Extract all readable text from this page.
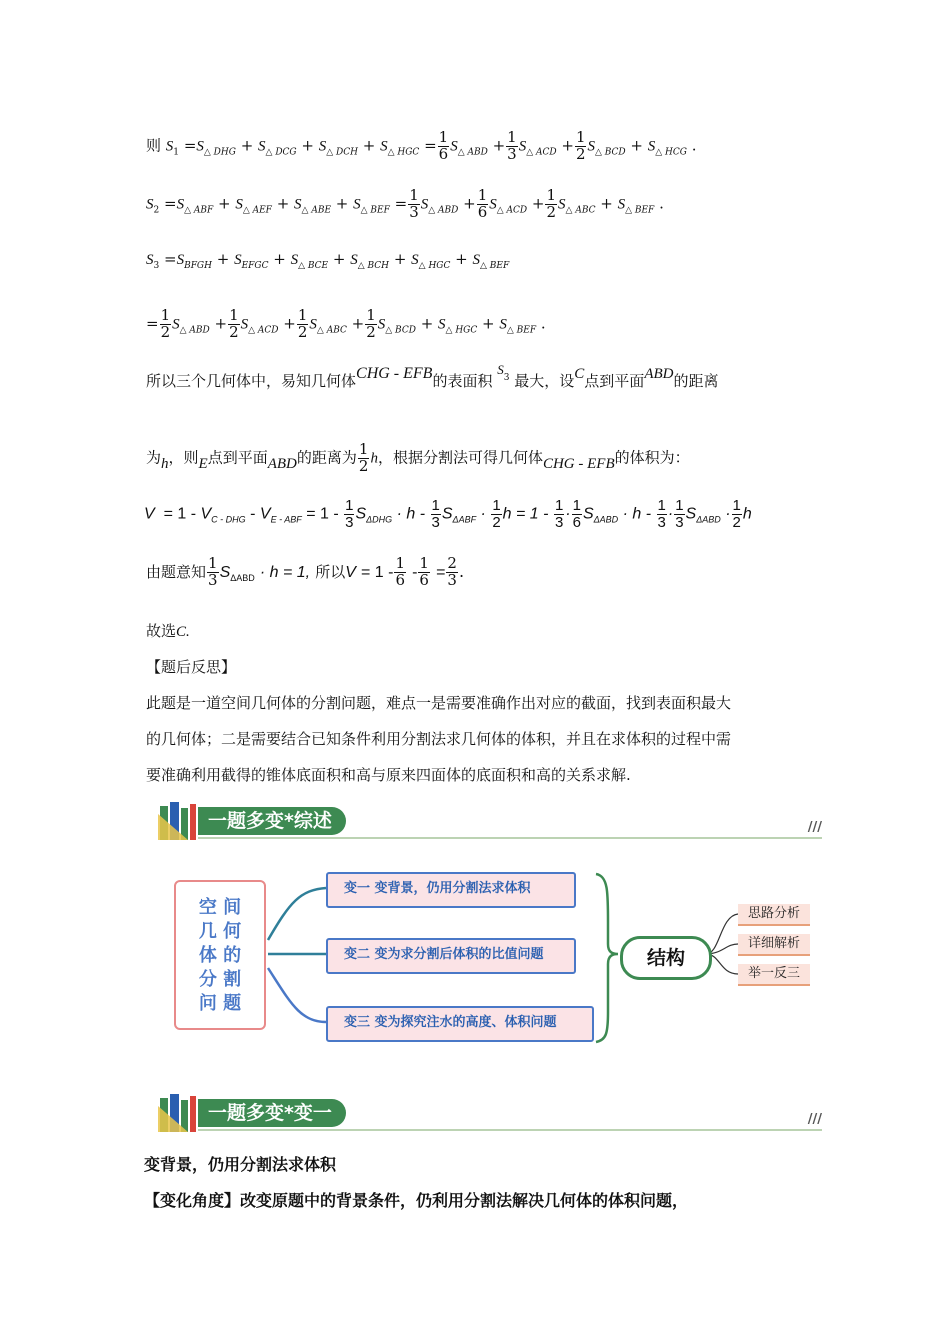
则 $S_1 =S_{\triangle DHG} + S_{\triangle DCG} + S_{\triangle DCH} + S_{\triangle HGC} = \frac{1}{6} S_{\triangle ABD} + \frac{1}{3} S_{\triangle ACD} + \frac{1}{2} S_{\triangle BCD} + S_{\triangle HCG}$ .
$S_2 =S_{\triangle ABF} + S_{\triangle AEF} + S_{\triangle ABE} + S_{\triangle BEF} = \frac{1}{3} S_{\triangle ABD} + \frac{1}{6} S_{\triangle ACD} + \frac{1}{2} S_{\triangle ABC} + S_{\triangle BEF}$ .
$S_3 =S_{BFGH} + S_{EFGC} + S_{\triangle BCE} + S_{\triangle BCH} + S_{\triangle HGC} + S_{\triangle BEF}$
= $\frac{1}{2} S_{\triangle ABD} + \frac{1}{2} S_{\triangle ACD} + \frac{1}{2} S_{\triangle ABC} + \frac{1}{2} S_{\triangle BCD} + S_{\triangle HGC} + S_{\triangle BEF}$ .
所以三个几何体中，易知几何体CHG - EFB的表面积 $S_3$ 最大，设C点到平面ABD的距离
为h，则E点到平面ABD的距离为 $\frac{1}{2}$ h，根据分割法可得几何体CHG - EFB的体积为：
$V = 1 - V_{C - DHG} - V_{E - ABF} = 1 - \frac{1}{3} S_{\Delta DHG} \cdot h - \frac{1}{3} S_{\Delta ABF} \cdot \frac{1}{2}$ $h = 1 - \frac{1}{3} \cdot \frac{1}{6} S_{\Delta ABD} \cdot h - \frac{1}{3} \cdot \frac{1}{3} S_{\Delta ABD} \cdot \frac{1}{2}$ h
由题意知 $\frac{1}{3} S_{\Delta ABD} \cdot h = 1$, 所以$V = 1 - \frac{1}{6} - \frac{1}{6} = \frac{2}{3}$ .
故选C.
【题后反思】
此题是一道空间几何体的分割问题，难点一是需要准确作出对应的截面，找到表面积最大
的几何体；二是需要结合已知条件利用分割法求几何体的体积，并且在求体积的过程中需
要准确利用截得的锥体底面积和高与原来四面体的底面积和高的关系求解.
一题多变*综述	///
空 间
几 何
体 的
分 割
问 题
变一 变背景，仍用分割法求体积
变二 变为求分割后体积的比值问题
变三 变为探究注水的高度、体积问题
结构
思路分析
详细解析
举一反三
一题多变*变一	///
变背景，仍用分割法求体积
【变化角度】改变原题中的背景条件，仍利用分割法解决几何体的体积问题，
